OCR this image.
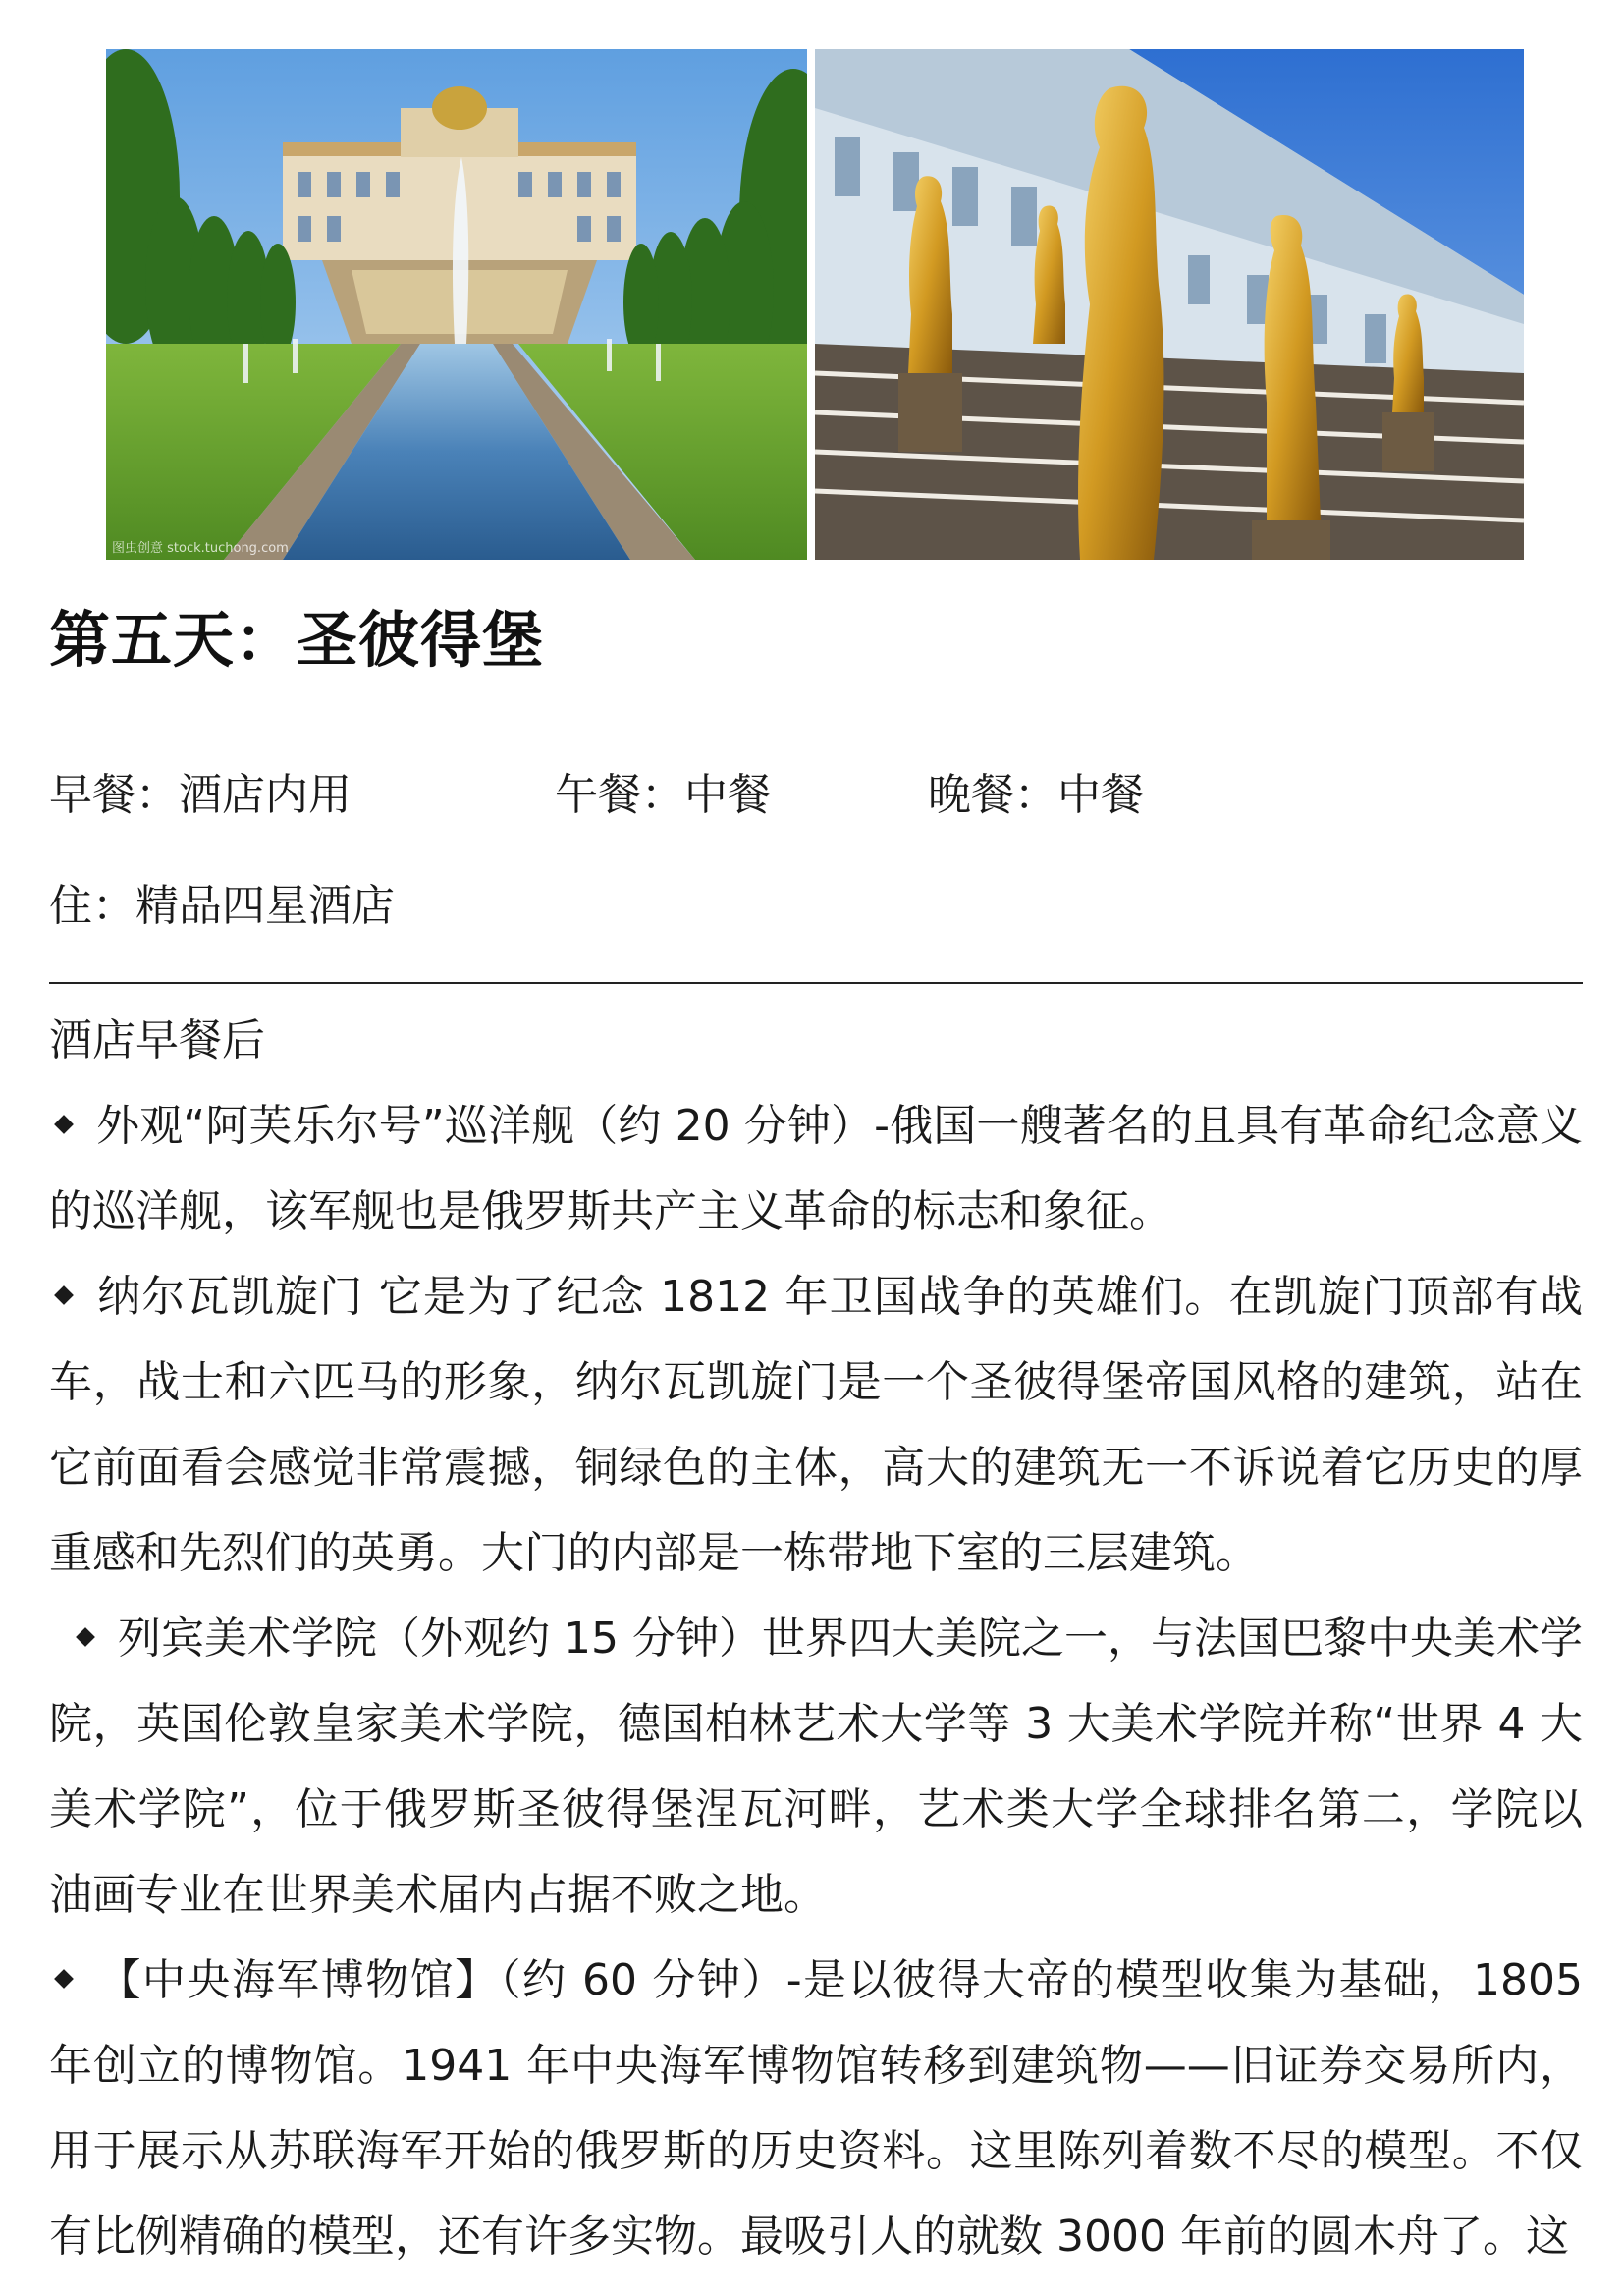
图虫创意 stock.tuchong.com
第五天：圣彼得堡
早餐：酒店内用	午餐：中餐	晚餐：中餐
住：精品四星酒店

酒店早餐后

外观“阿芙乐尔号”巡洋舰（约 20 分钟）-俄国一艘著名的且具有革命纪念意义的巡洋舰，该军舰也是俄罗斯共产主义革命的标志和象征。

纳尔瓦凯旋门 它是为了纪念 1812 年卫国战争的英雄们。在凯旋门顶部有战车，战士和六匹马的形象，纳尔瓦凯旋门是一个圣彼得堡帝国风格的建筑，站在它前面看会感觉非常震撼，铜绿色的主体，高大的建筑无一不诉说着它历史的厚重感和先烈们的英勇。大门的内部是一栋带地下室的三层建筑。

列宾美术学院（外观约 15 分钟）世界四大美院之一，与法国巴黎中央美术学院，英国伦敦皇家美术学院，德国柏林艺术大学等 3 大美术学院并称“世界 4 大美术学院”，位于俄罗斯圣彼得堡涅瓦河畔，艺术类大学全球排名第二，学院以油画专业在世界美术届内占据不败之地。

【中央海军博物馆】（约 60 分钟）-是以彼得大帝的模型收集为基础，1805 年创立的博物馆。1941 年中央海军博物馆转移到建筑物——旧证券交易所内，用于展示从苏联海军开始的俄罗斯的历史资料。这里陈列着数不尽的模型。不仅有比例精确的模型，还有许多实物。最吸引人的就数 3000 年前的圆木舟了。这
